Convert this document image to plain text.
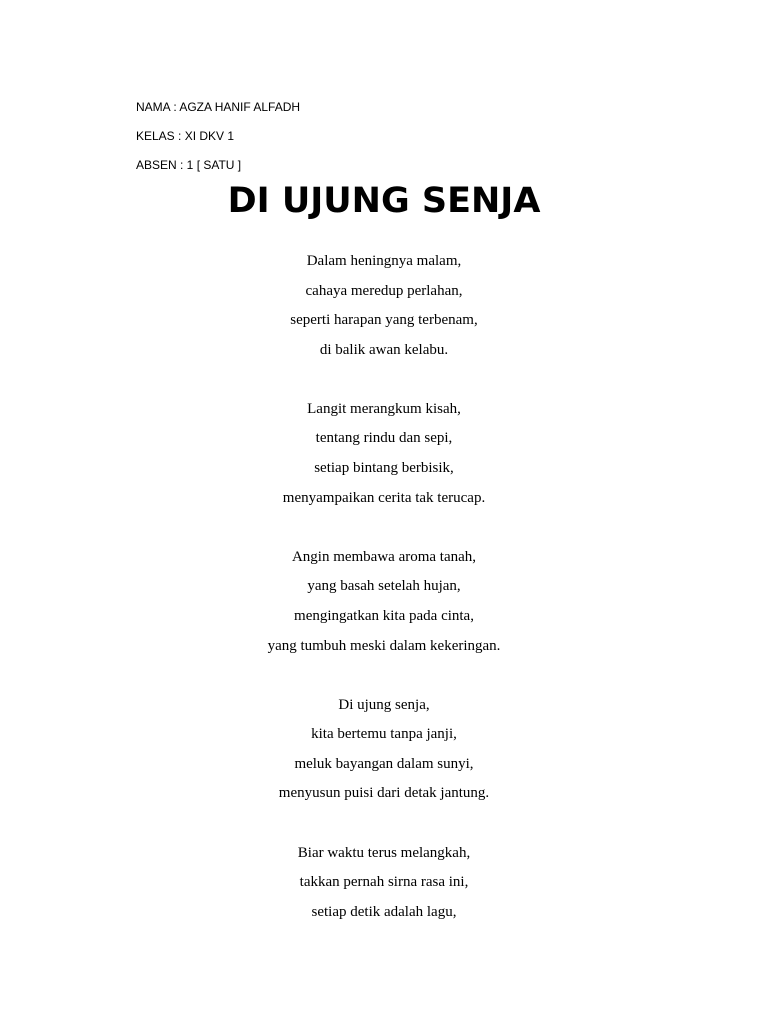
NAMA : AGZA HANIF ALFADH
KELAS : XI DKV 1
ABSEN : 1 [ SATU ]
DI UJUNG SENJA
Dalam heningnya malam,
cahaya meredup perlahan,
seperti harapan yang terbenam,
di balik awan kelabu.
Langit merangkum kisah,
tentang rindu dan sepi,
setiap bintang berbisik,
menyampaikan cerita tak terucap.
Angin membawa aroma tanah,
yang basah setelah hujan,
mengingatkan kita pada cinta,
yang tumbuh meski dalam kekeringan.
Di ujung senja,
kita bertemu tanpa janji,
meluk bayangan dalam sunyi,
menyusun puisi dari detak jantung.
Biar waktu terus melangkah,
takkan pernah sirna rasa ini,
setiap detik adalah lagu,
